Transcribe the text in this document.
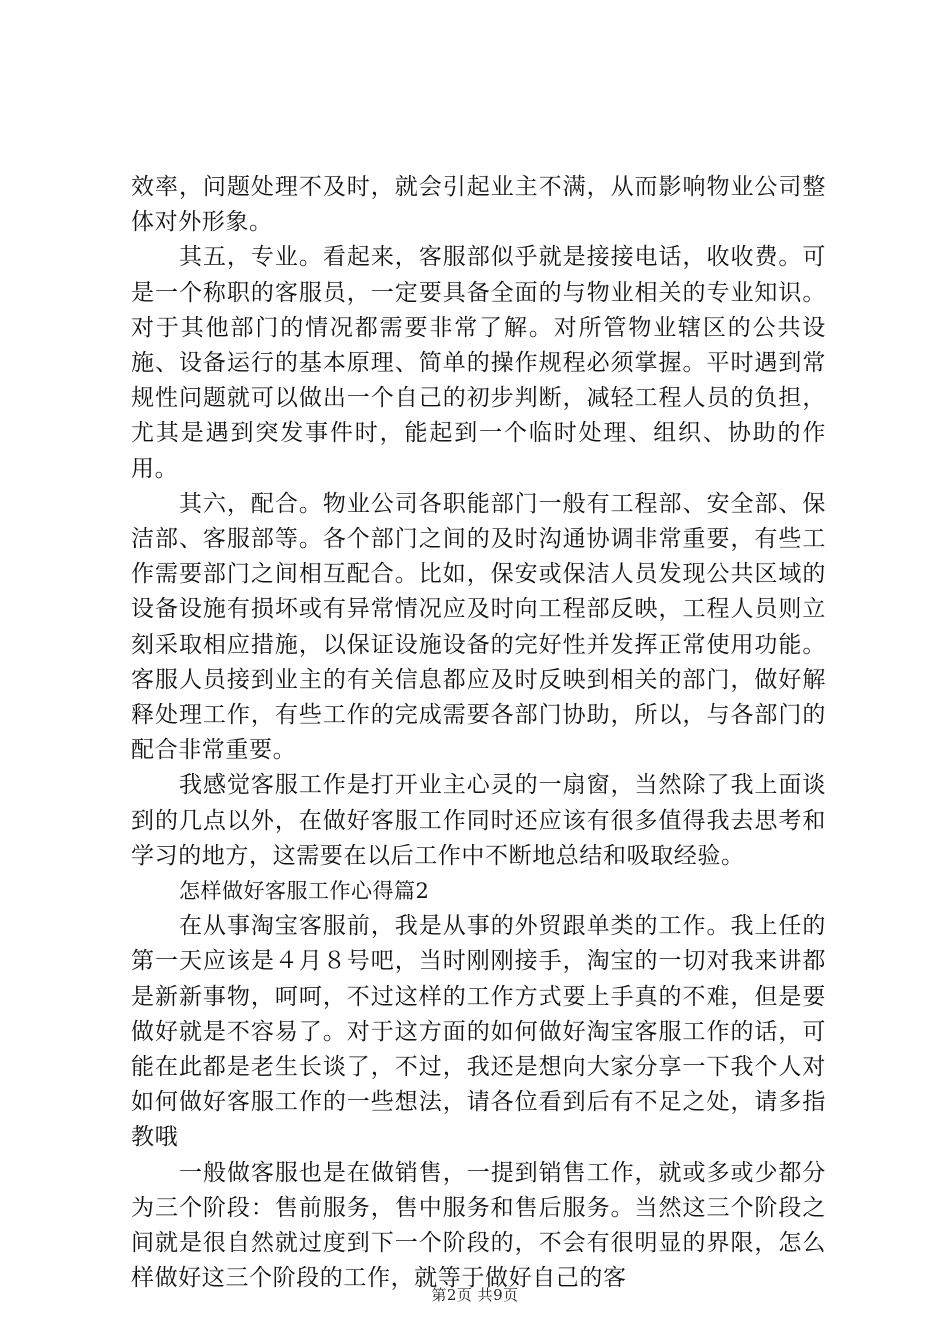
效率，问题处理不及时，就会引起业主不满，从而影响物业公司整体对外形象。

其五，专业。看起来，客服部似乎就是接接电话，收收费。可是一个称职的客服员，一定要具备全面的与物业相关的专业知识。对于其他部门的情况都需要非常了解。对所管物业辖区的公共设施、设备运行的基本原理、简单的操作规程必须掌握。平时遇到常规性问题就可以做出一个自己的初步判断，减轻工程人员的负担，尤其是遇到突发事件时，能起到一个临时处理、组织、协助的作用。

其六，配合。物业公司各职能部门一般有工程部、安全部、保洁部、客服部等。各个部门之间的及时沟通协调非常重要，有些工作需要部门之间相互配合。比如，保安或保洁人员发现公共区域的设备设施有损坏或有异常情况应及时向工程部反映，工程人员则立刻采取相应措施，以保证设施设备的完好性并发挥正常使用功能。客服人员接到业主的有关信息都应及时反映到相关的部门，做好解释处理工作，有些工作的完成需要各部门协助，所以，与各部门的配合非常重要。

我感觉客服工作是打开业主心灵的一扇窗，当然除了我上面谈到的几点以外，在做好客服工作同时还应该有很多值得我去思考和学习的地方，这需要在以后工作中不断地总结和吸取经验。

怎样做好客服工作心得篇2

在从事淘宝客服前，我是从事的外贸跟单类的工作。我上任的第一天应该是４月８号吧，当时刚刚接手，淘宝的一切对我来讲都是新新事物，呵呵，不过这样的工作方式要上手真的不难，但是要做好就是不容易了。对于这方面的如何做好淘宝客服工作的话，可能在此都是老生长谈了，不过，我还是想向大家分享一下我个人对如何做好客服工作的一些想法，请各位看到后有不足之处，请多指教哦

一般做客服也是在做销售，一提到销售工作，就或多或少都分为三个阶段：售前服务，售中服务和售后服务。当然这三个阶段之间就是很自然就过度到下一个阶段的，不会有很明显的界限，怎么样做好这三个阶段的工作，就等于做好自己的客

第2页 共9页
